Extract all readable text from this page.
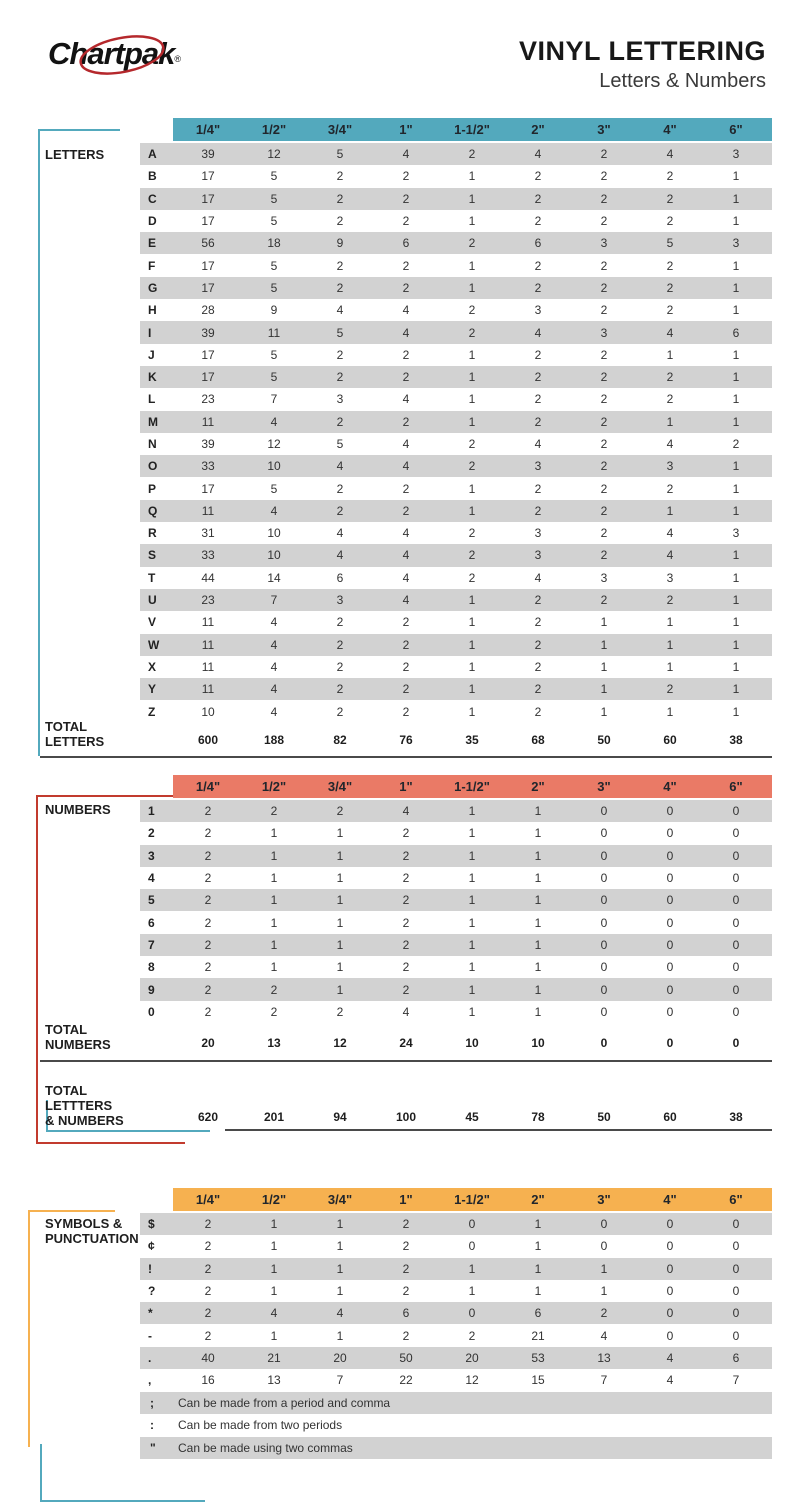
Chartpak®	VINYL LETTERING
Letters & Numbers
1/4"	1/2"	3/4"	1"	1-1/2"	2"	3"	4"	6"
LETTERS	A	39	12	5	4	2	4	2	4	3
B	17	5	2	2	1	2	2	2	1
C	17	5	2	2	1	2	2	2	1
D	17	5	2	2	1	2	2	2	1
E	56	18	9	6	2	6	3	5	3
F	17	5	2	2	1	2	2	2	1
G	17	5	2	2	1	2	2	2	1
H	28	9	4	4	2	3	2	2	1
I	39	11	5	4	2	4	3	4	6
J	17	5	2	2	1	2	2	1	1
K	17	5	2	2	1	2	2	2	1
L	23	7	3	4	1	2	2	2	1
M	11	4	2	2	1	2	2	1	1
N	39	12	5	4	2	4	2	4	2
O	33	10	4	4	2	3	2	3	1
P	17	5	2	2	1	2	2	2	1
Q	11	4	2	2	1	2	2	1	1
R	31	10	4	4	2	3	2	4	3
S	33	10	4	4	2	3	2	4	1
T	44	14	6	4	2	4	3	3	1
U	23	7	3	4	1	2	2	2	1
V	11	4	2	2	1	2	1	1	1
W	11	4	2	2	1	2	1	1	1
X	11	4	2	2	1	2	1	1	1
Y	11	4	2	2	1	2	1	2	1
Z	10	4	2	2	1	2	1	1	1
TOTAL
LETTERS	600	188	82	76	35	68	50	60	38
1/4"	1/2"	3/4"	1"	1-1/2"	2"	3"	4"	6"
NUMBERS	1	2	2	2	4	1	1	0	0	0
2	2	1	1	2	1	1	0	0	0
3	2	1	1	2	1	1	0	0	0
4	2	1	1	2	1	1	0	0	0
5	2	1	1	2	1	1	0	0	0
6	2	1	1	2	1	1	0	0	0
7	2	1	1	2	1	1	0	0	0
8	2	1	1	2	1	1	0	0	0
9	2	2	1	2	1	1	0	0	0
0	2	2	2	4	1	1	0	0	0
TOTAL
NUMBERS	20	13	12	24	10	10	0	0	0
TOTAL
LETTTERS
& NUMBERS	620	201	94	100	45	78	50	60	38
1/4"	1/2"	3/4"	1"	1-1/2"	2"	3"	4"	6"
SYMBOLS &
PUNCTUATION
$	2	1	1	2	0	1	0	0	0
¢	2	1	1	2	0	1	0	0	0
!	2	1	1	2	1	1	1	0	0
?	2	1	1	2	1	1	1	0	0
*	2	4	4	6	0	6	2	0	0
-	2	1	1	2	2	21	4	0	0
.	40	21	20	50	20	53	13	4	6
,	16	13	7	22	12	15	7	4	7
;	Can be made from a period and comma
:	Can be made from two periods
"	Can be made using two commas
